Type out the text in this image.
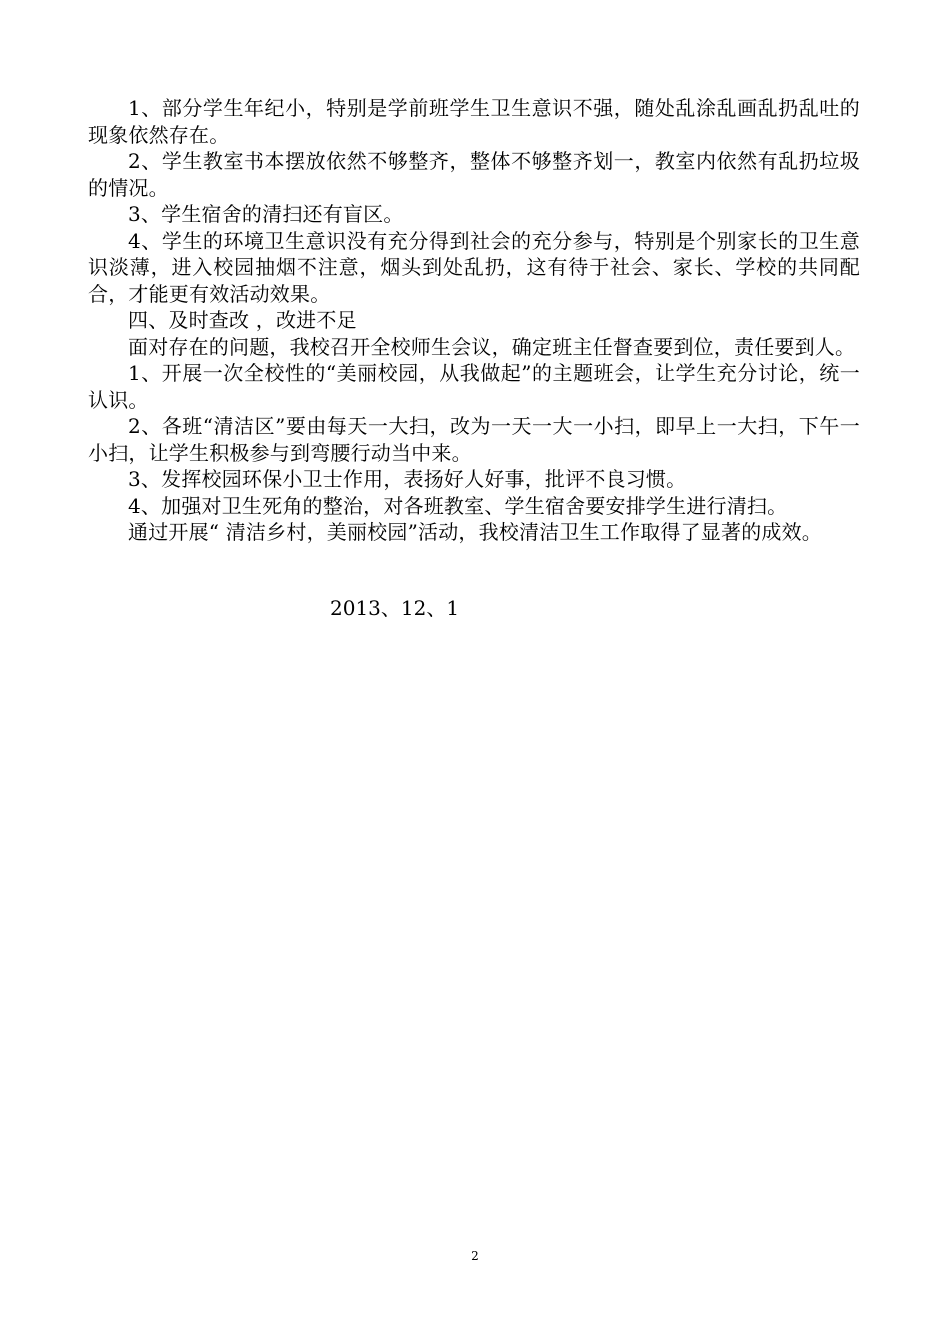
1、部分学生年纪小，特别是学前班学生卫生意识不强，随处乱涂乱画乱扔乱吐的现象依然存在。

2、学生教室书本摆放依然不够整齐，整体不够整齐划一，教室内依然有乱扔垃圾的情况。

3、学生宿舍的清扫还有盲区。

4、学生的环境卫生意识没有充分得到社会的充分参与，特别是个别家长的卫生意识淡薄，进入校园抽烟不注意，烟头到处乱扔，这有待于社会、家长、学校的共同配合，才能更有效活动效果。

四、及时查改 ，改进不足

面对存在的问题，我校召开全校师生会议，确定班主任督查要到位，责任要到人。

1、开展一次全校性的“美丽校园，从我做起”的主题班会，让学生充分讨论，统一认识。

2、各班“清洁区”要由每天一大扫，改为一天一大一小扫，即早上一大扫，下午一小扫，让学生积极参与到弯腰行动当中来。

3、发挥校园环保小卫士作用，表扬好人好事，批评不良习惯。

4、加强对卫生死角的整治，对各班教室、学生宿舍要安排学生进行清扫。

通过开展“ 清洁乡村，美丽校园”活动，我校清洁卫生工作取得了显著的成效。

2013、12、1
2
